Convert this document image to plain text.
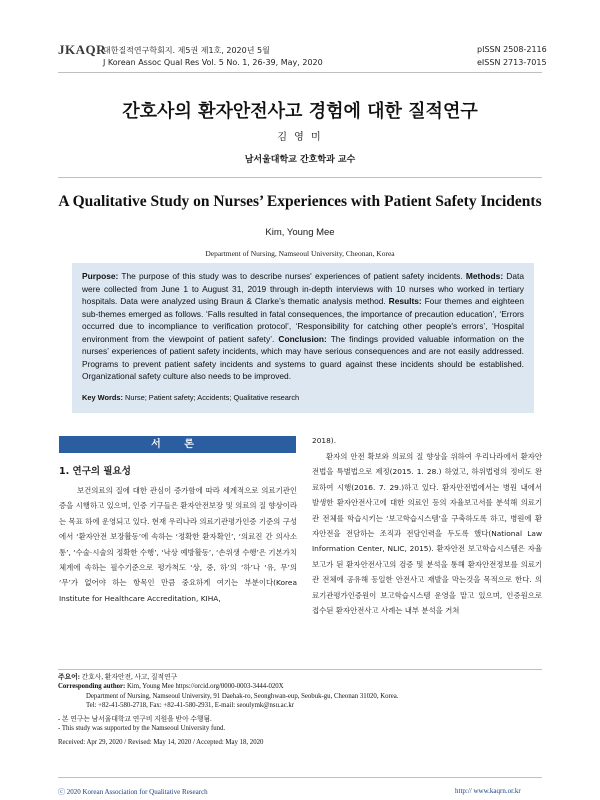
JKAQR
대한질적연구학회지. 제5권 제1호, 2020년 5월
J Korean Assoc Qual Res Vol. 5 No. 1, 26-39, May, 2020
pISSN 2508-2116
eISSN 2713-7015
간호사의 환자안전사고 경험에 대한 질적연구
김 영 미
남서울대학교 간호학과 교수
A Qualitative Study on Nurses’ Experiences with Patient Safety Incidents
Kim, Young Mee
Department of Nursing, Namseoul University, Cheonan, Korea
Purpose: The purpose of this study was to describe nurses' experiences of patient safety incidents. Methods: Data were collected from June 1 to August 31, 2019 through in-depth interviews with 10 nurses who worked in tertiary hospitals. Data were analyzed using Braun & Clarke’s thematic analysis method. Results: Four themes and eighteen sub-themes emerged as follows. ‘Falls resulted in fatal consequences, the importance of precaution education’, ‘Errors occurred due to incompliance to verification protocol’, ‘Responsibility for catching other people's errors’, ‘Hospital environment from the viewpoint of patient safety’. Conclusion: The findings provided valuable information on the nurses’ experiences of patient safety incidents, which may have serious consequences and are not easily addressed. Programs to prevent patient safety incidents and systems to guard against these incidents should be established. Organizational safety culture also needs to be improved.
Key Words: Nurse; Patient safety; Accidents; Qualitative research
서 론
1. 연구의 필요성
보건의료의 질에 대한 관심이 증가함에 따라 세계적으로 의료기관인증을 시행하고 있으며, 인증 기구들은 환자안전보장 및 의료의 질 향상이라는 목표 하에 운영되고 있다. 현재 우리나라 의료기관평가인증 기준의 구성에서 ‘환자안전 보장활동’에 속하는 ‘정확한 환자확인’, ‘의료진 간 의사소통’, ‘수술·시술의 정확한 수행’, ‘낙상 예방활동’, ‘손위생 수행’은 기본가치체계에 속하는 필수기준으로 평가척도 ‘상, 중, 하’의 ‘하’나 ‘유, 무’의 ‘무’가 없어야 하는 항목인 만큼 중요하게 여기는 부분이다(Korea Institute for Healthcare Accreditation, KIHA,
2018).
환자의 안전 확보와 의료의 질 향상을 위하여 우리나라에서 환자안전법을 특별법으로 제정(2015. 1. 28.) 하였고, 하위법령의 정비도 완료하여 시행(2016. 7. 29.)하고 있다. 환자안전법에서는 병원 내에서 발생한 환자안전사고에 대한 의료인 등의 자율보고서를 분석해 의료기관 전체를 학습시키는 ‘보고학습시스템’을 구축하도록 하고, 병원에 환자안전을 전담하는 조직과 전담인력을 두도록 했다(National Law Information Center, NLIC, 2015). 환자안전 보고학습시스템은 자율보고가 된 환자안전사고의 검증 및 분석을 통해 환자안전정보를 의료기관 전체에 공유해 동일한 안전사고 재발을 막는것을 목적으로 한다. 의료기관평가인증원이 보고학습시스템 운영을 맡고 있으며, 인증원으로 접수된 환자안전사고 사례는 내부 분석을 거쳐
주요어: 간호사, 환자안전, 사고, 질적연구
Corresponding author: Kim, Young Mee https://orcid.org/0000-0003-3444-020X
Department of Nursing, Namseoul University, 91 Daehak-ro, Seonghwan-eup, Seobuk-gu, Cheonan 31020, Korea.
Tel: +82-41-580-2718, Fax: +82-41-580-2931, E-mail: seoulymk@nsu.ac.kr
- 본 연구는 남서울대학교 연구비 지원을 받아 수행됨.
- This study was supported by the Namseoul University fund.
Received: Apr 29, 2020 / Revised: May 14, 2020 / Accepted: May 18, 2020
ⓒ 2020 Korean Association for Qualitative Research	http:// www.kaqrn.or.kr
